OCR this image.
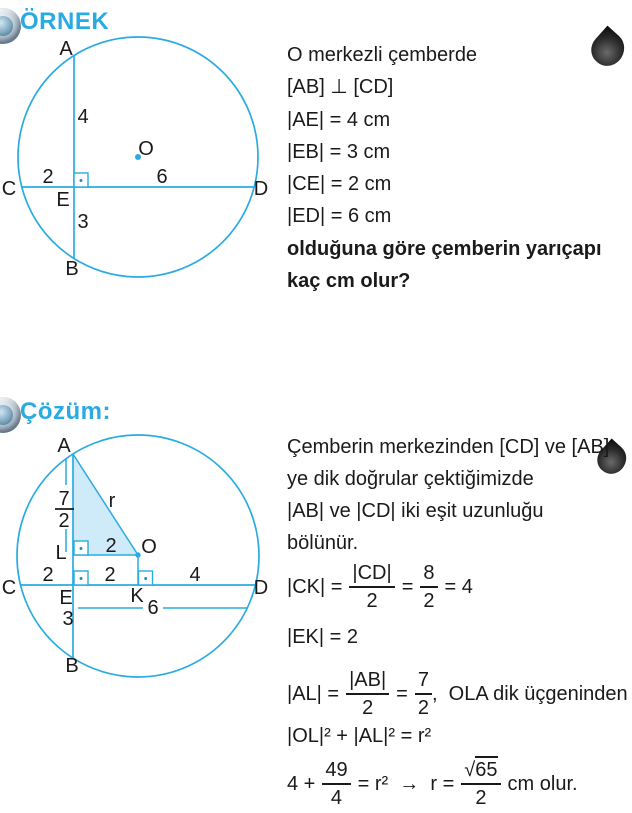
ÖRNEK
A
4
O
2	6
C	D
E
3
B
O merkezli çemberde
[AB] ⊥ [CD]
|AE| = 4 cm
|EB| = 3 cm
|CE| = 2 cm
|ED| = 6 cm
olduğuna göre çemberin yarıçapı
kaç cm olur?
Çözüm:
7
2
A
r
L 2 O
2	2	4
C	D
E	K
6
3
B
Çemberin merkezinden [CD] ve [AB]
ye dik doğrular çektiğimizde
|AB| ve |CD| iki eşit uzunluğu bölünür.
$|CK| = \frac{|CD|}{2} = \frac{8}{2} = 4$
|EK| = 2
$|AL| = \frac{|AB|}{2} = \frac{7}{2}$ ,  OLA dik üçgeninden
|OL|² + |AL|² = r²
$4 + \frac{49}{4} = r^2 \to r = \frac{√65}{2}$ cm olur.
